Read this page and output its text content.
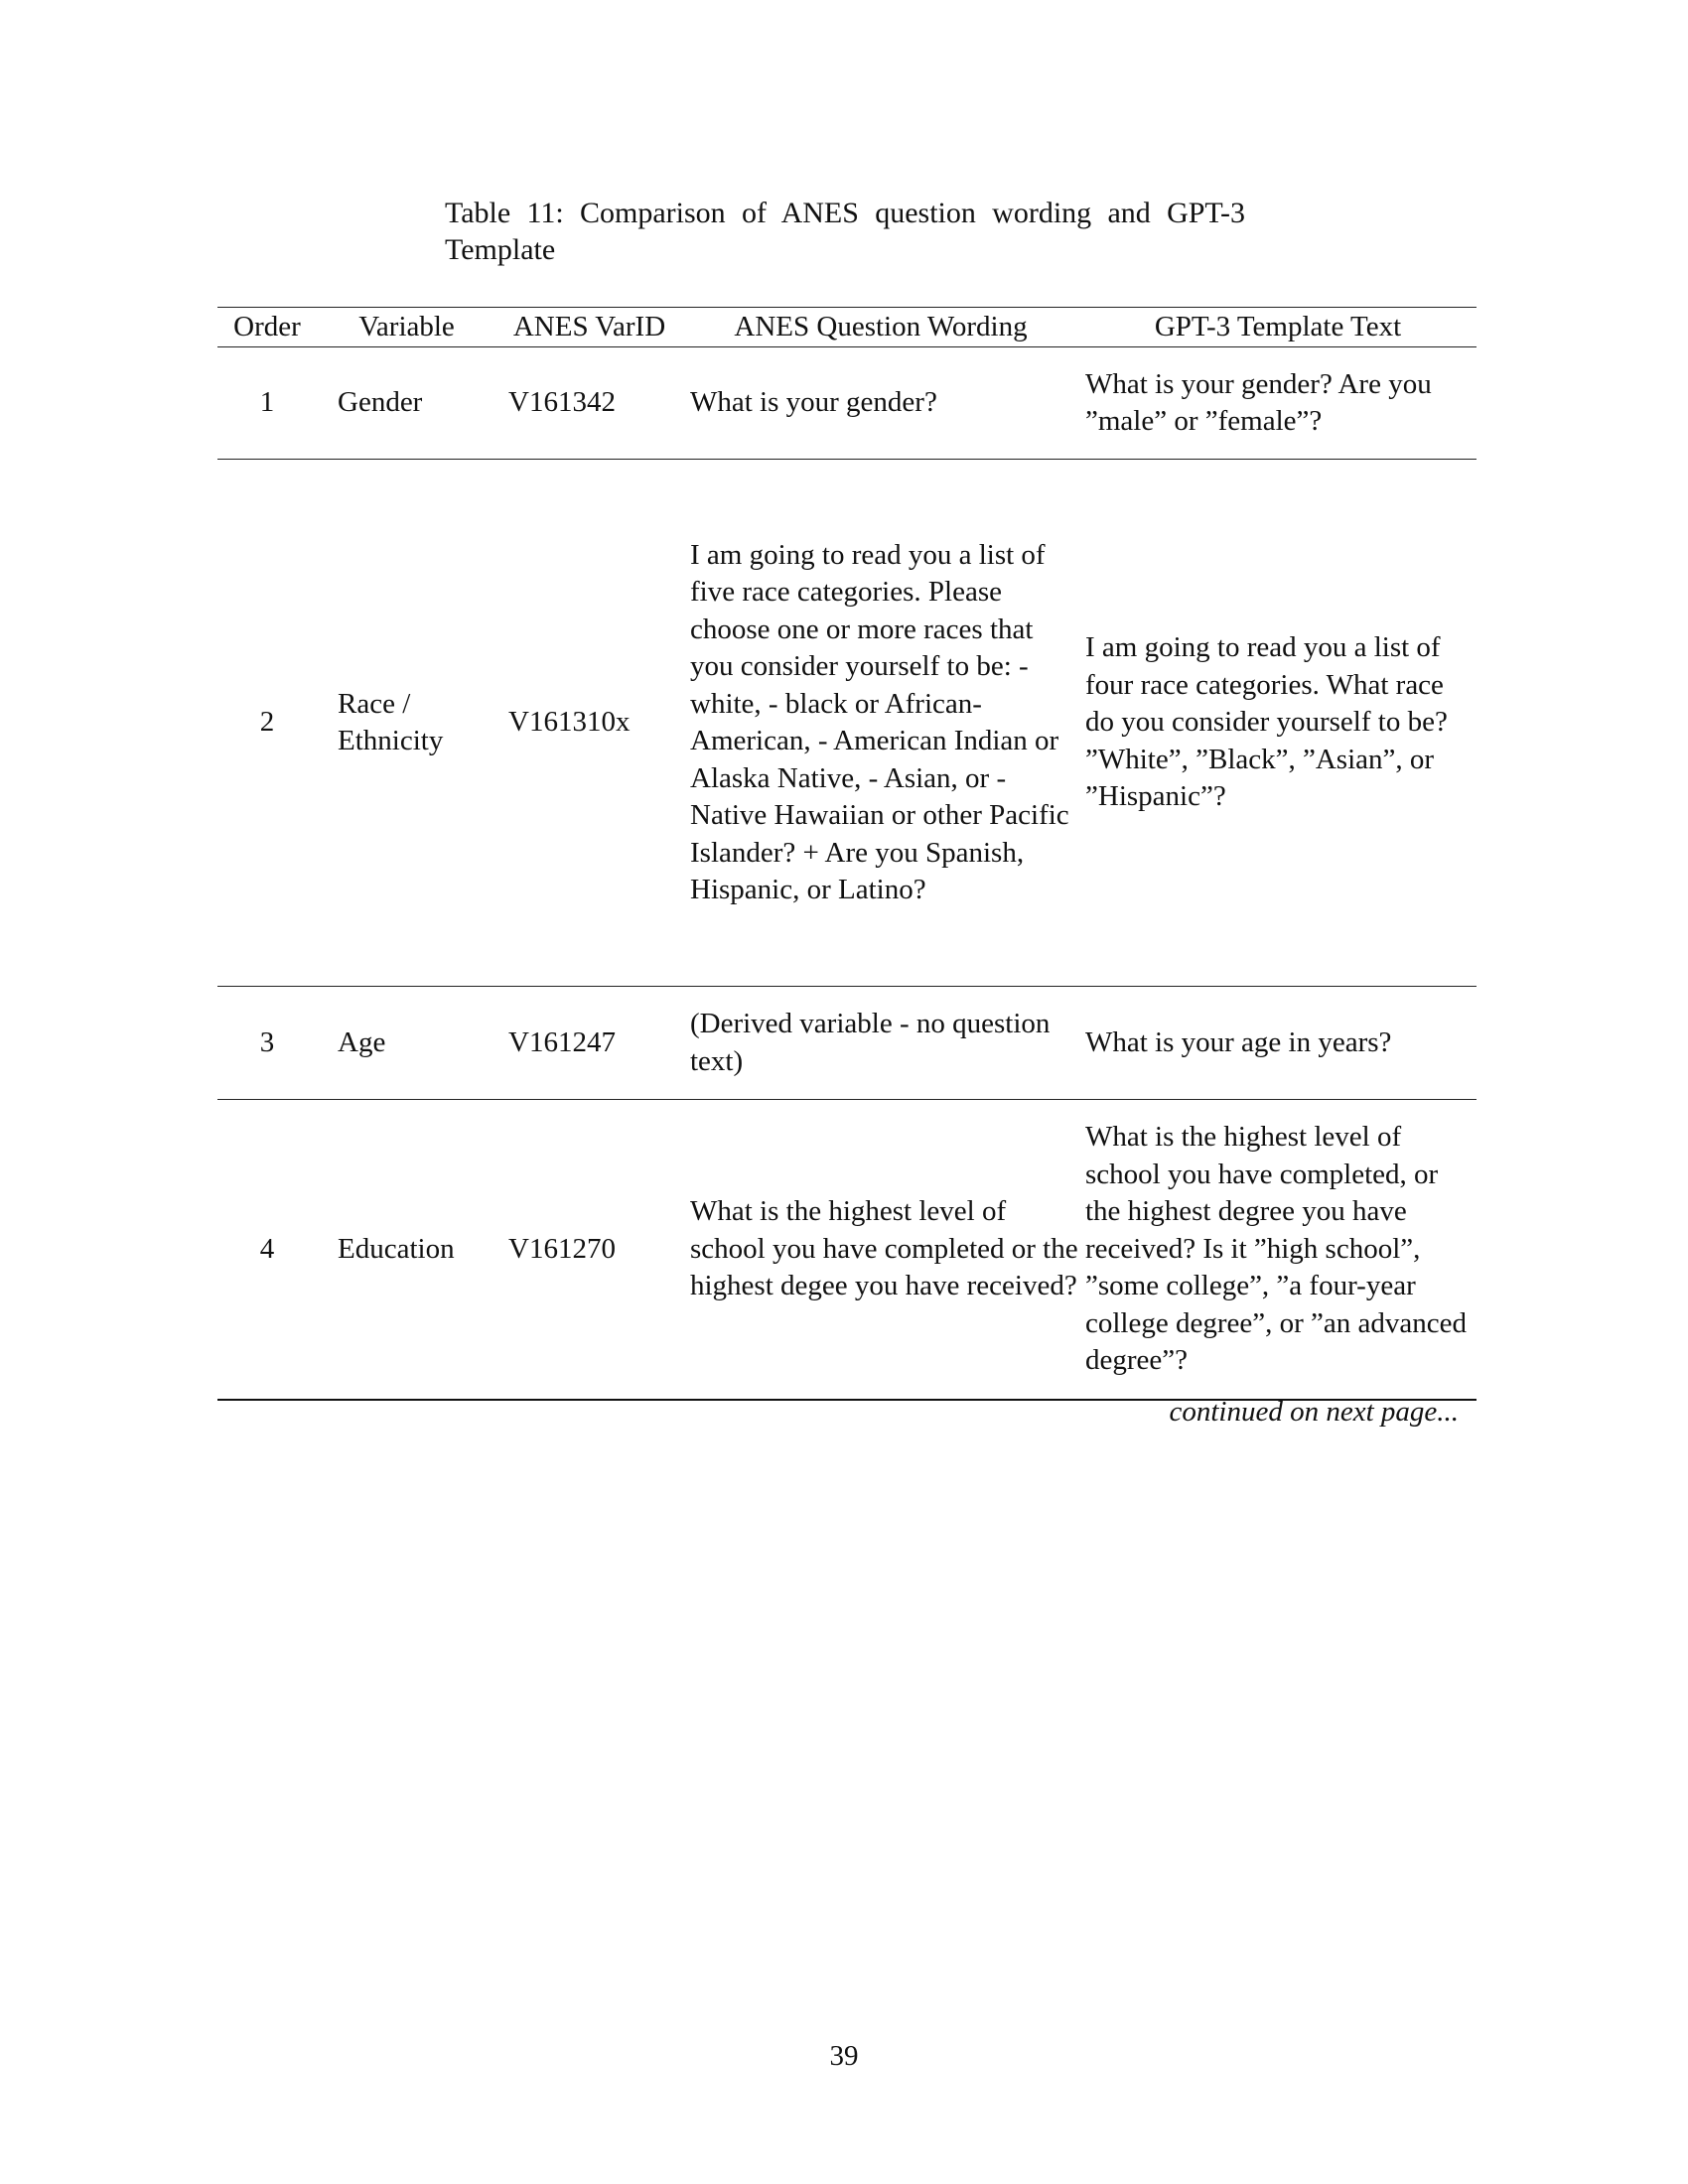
Table 11: Comparison of ANES question wording and GPT-3
Template
Order	Variable	ANES VarID	ANES Question Wording	GPT-3 Template Text
1	Gender	V161342	What is your gender?	What is your gender? Are you ”male” or ”female”?
2	Race / Ethnicity	V161310x	I am going to read you a list of five race categories. Please choose one or more races that you consider yourself to be: - white, - black or African-American, - American Indian or Alaska Native, - Asian, or - Native Hawaiian or other Pacific Islander? + Are you Spanish, Hispanic, or Latino?	I am going to read you a list of four race categories. What race do you consider yourself to be? ”White”, ”Black”, ”Asian”, or ”Hispanic”?
3	Age	V161247	(Derived variable - no question text)	What is your age in years?
4	Education	V161270	What is the highest level of school you have completed or the highest degee you have received?	What is the highest level of school you have completed, or the highest degree you have received? Is it ”high school”, ”some college”, ”a four-year college degree”, or ”an advanced degree”?
continued on next page...
39
